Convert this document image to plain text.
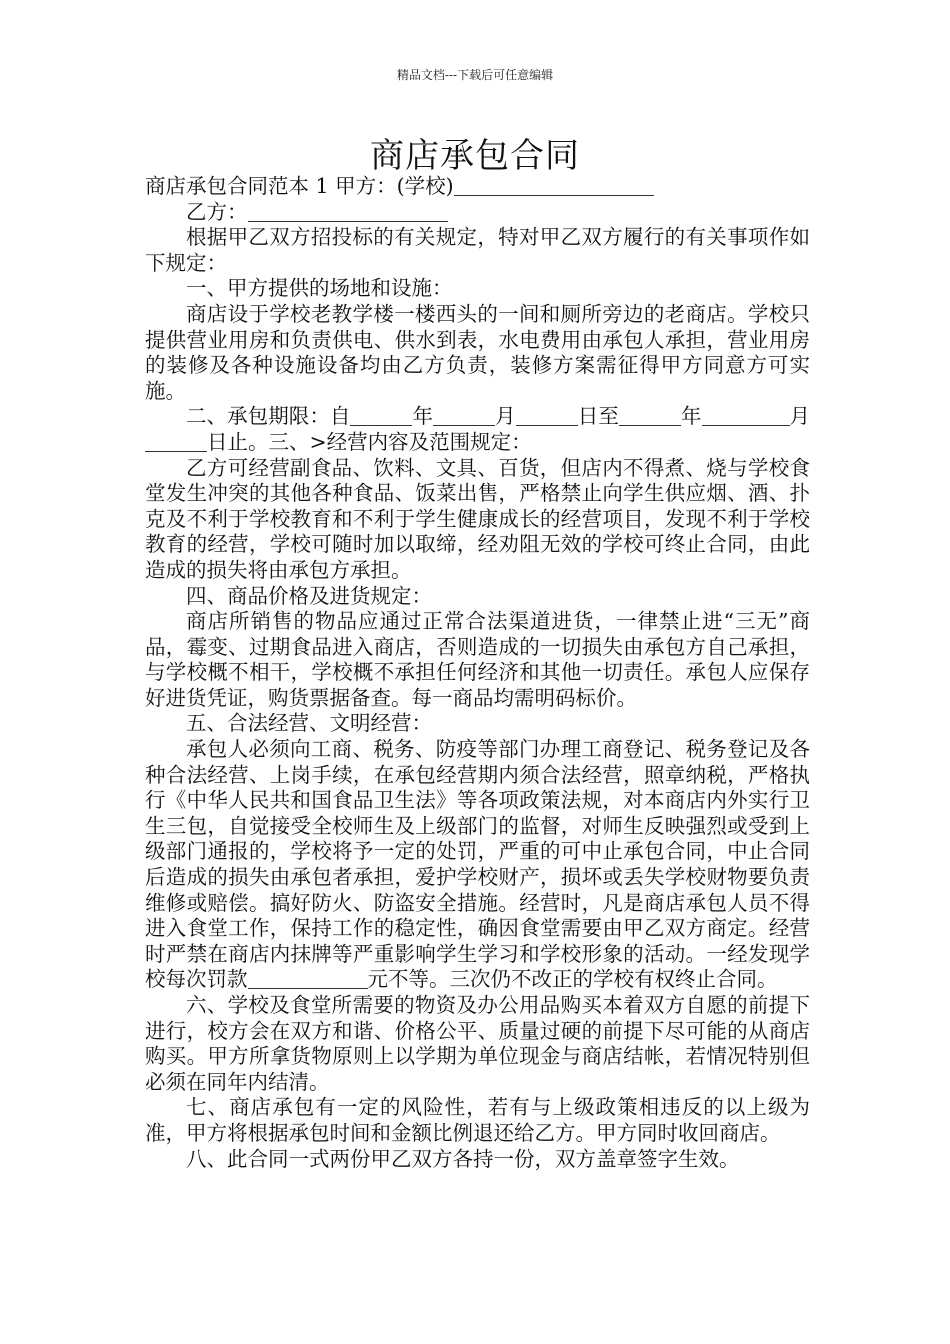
精品文档---下载后可任意编辑
商店承包合同

商店承包合同范本 1 甲方：(学校)

乙方：

根据甲乙双方招投标的有关规定，特对甲乙双方履行的有关事项作如下规定：

一、甲方提供的场地和设施：

商店设于学校老教学楼一楼西头的一间和厕所旁边的老商店。学校只提供营业用房和负责供电、供水到表，水电费用由承包人承担，营业用房的装修及各种设施设备均由乙方负责，装修方案需征得甲方同意方可实施。

二、承包期限：自	年	月	日至	年	月日止。三、>经营内容及范围规定：

乙方可经营副食品、饮料、文具、百货，但店内不得煮、烧与学校食堂发生冲突的其他各种食品、饭菜出售，严格禁止向学生供应烟、酒、扑克及不利于学校教育和不利于学生健康成长的经营项目，发现不利于学校教育的经营，学校可随时加以取缔，经劝阻无效的学校可终止合同，由此造成的损失将由承包方承担。

四、商品价格及进货规定：

商店所销售的物品应通过正常合法渠道进货，一律禁止进“三无”商品，霉变、过期食品进入商店，否则造成的一切损失由承包方自己承担，与学校概不相干，学校概不承担任何经济和其他一切责任。承包人应保存好进货凭证，购货票据备查。每一商品均需明码标价。

五、合法经营、文明经营：

承包人必须向工商、税务、防疫等部门办理工商登记、税务登记及各种合法经营、上岗手续，在承包经营期内须合法经营，照章纳税，严格执行《中华人民共和国食品卫生法》等各项政策法规，对本商店内外实行卫生三包，自觉接受全校师生及上级部门的监督，对师生反映强烈或受到上级部门通报的，学校将予一定的处罚，严重的可中止承包合同，中止合同后造成的损失由承包者承担，爱护学校财产，损坏或丢失学校财物要负责维修或赔偿。搞好防火、防盗安全措施。经营时，凡是商店承包人员不得进入食堂工作，保持工作的稳定性，确因食堂需要由甲乙双方商定。经营时严禁在商店内抹牌等严重影响学生学习和学校形象的活动。一经发现学校每次罚款	元不等。三次仍不改正的学校有权终止合同。

六、学校及食堂所需要的物资及办公用品购买本着双方自愿的前提下进行，校方会在双方和谐、价格公平、质量过硬的前提下尽可能的从商店购买。甲方所拿货物原则上以学期为单位现金与商店结帐，若情况特别但必须在同年内结清。

七、商店承包有一定的风险性，若有与上级政策相违反的以上级为准，甲方将根据承包时间和金额比例退还给乙方。甲方同时收回商店。

八、此合同一式两份甲乙双方各持一份，双方盖章签字生效。
